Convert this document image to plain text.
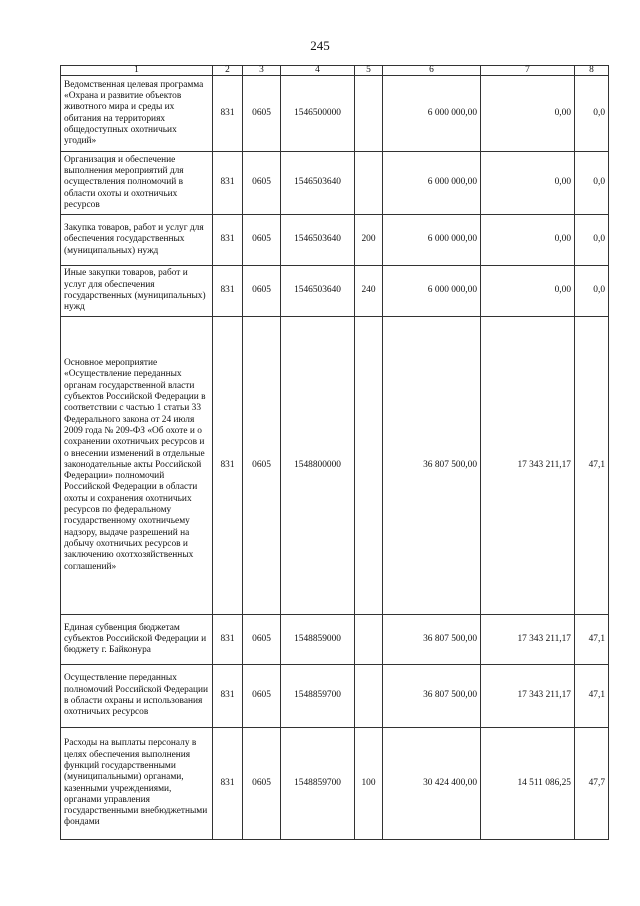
245
1	2	3	4	5	6	7	8
Ведомственная целевая программа «Охрана и развитие объектов животного мира и среды их обитания на территориях общедоступных охотничьих угодий»	831	0605	1546500000		6 000 000,00	0,00	0,0
Организация и обеспечение выполнения мероприятий для осуществления полномочий в области охоты и охотничьих ресурсов	831	0605	1546503640		6 000 000,00	0,00	0,0
Закупка товаров, работ и услуг для обеспечения государственных (муниципальных) нужд	831	0605	1546503640	200	6 000 000,00	0,00	0,0
Иные закупки товаров, работ и услуг для обеспечения государственных (муниципальных) нужд	831	0605	1546503640	240	6 000 000,00	0,00	0,0
Основное мероприятие «Осуществление переданных органам государственной власти субъектов Российской Федерации в соответствии с частью 1 статьи 33 Федерального закона от 24 июля 2009 года № 209-ФЗ «Об охоте и о сохранении охотничьих ресурсов и о внесении изменений в отдельные законодательные акты Российской Федерации» полномочий Российской Федерации в области охоты и сохранения охотничьих ресурсов по федеральному государственному охотничьему надзору, выдаче разрешений на добычу охотничьих ресурсов и заключению охотхозяйственных соглашений»	831	0605	1548800000		36 807 500,00	17 343 211,17	47,1
Единая субвенция бюджетам субъектов Российской Федерации и бюджету г. Байконура	831	0605	1548859000		36 807 500,00	17 343 211,17	47,1
Осуществление переданных полномочий Российской Федерации в области охраны и использования охотничьих ресурсов	831	0605	1548859700		36 807 500,00	17 343 211,17	47,1
Расходы на выплаты персоналу в целях обеспечения выполнения функций государственными (муниципальными) органами, казенными учреждениями, органами управления государственными внебюджетными фондами	831	0605	1548859700	100	30 424 400,00	14 511 086,25	47,7
